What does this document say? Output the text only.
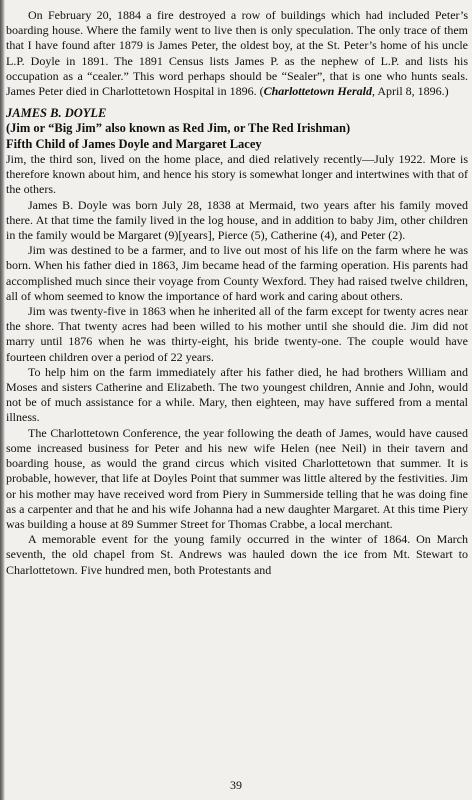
On February 20, 1884 a fire destroyed a row of buildings which had included Peter’s boarding house. Where the family went to live then is only speculation. The only trace of them that I have found after 1879 is James Peter, the oldest boy, at the St. Peter’s home of his uncle L.P. Doyle in 1891. The 1891 Census lists James P. as the nephew of L.P. and lists his occupation as a “cealer.” This word perhaps should be “Sealer”, that is one who hunts seals. James Peter died in Charlottetown Hospital in 1896. (Charlottetown Herald, April 8, 1896.)

JAMES B. DOYLE

(Jim or “Big Jim” also known as Red Jim, or The Red Irishman)

Fifth Child of James Doyle and Margaret Lacey

Jim, the third son, lived on the home place, and died relatively recently—July 1922. More is therefore known about him, and hence his story is somewhat longer and intertwines with that of the others.

James B. Doyle was born July 28, 1838 at Mermaid, two years after his family moved there. At that time the family lived in the log house, and in addition to baby Jim, other children in the family would be Margaret (9)[years], Pierce (5), Catherine (4), and Peter (2).

Jim was destined to be a farmer, and to live out most of his life on the farm where he was born. When his father died in 1863, Jim became head of the farming operation. His parents had accomplished much since their voyage from County Wexford. They had raised twelve children, all of whom seemed to know the importance of hard work and caring about others.

Jim was twenty-five in 1863 when he inherited all of the farm except for twenty acres near the shore. That twenty acres had been willed to his mother until she should die. Jim did not marry until 1876 when he was thirty-eight, his bride twenty-one. The couple would have fourteen children over a period of 22 years.

To help him on the farm immediately after his father died, he had brothers William and Moses and sisters Catherine and Elizabeth. The two youngest children, Annie and John, would not be of much assistance for a while. Mary, then eighteen, may have suffered from a mental illness.

The Charlottetown Conference, the year following the death of James, would have caused some increased business for Peter and his new wife Helen (nee Neil) in their tavern and boarding house, as would the grand circus which visited Charlottetown that summer. It is probable, however, that life at Doyles Point that summer was little altered by the festivities. Jim or his mother may have received word from Piery in Summerside telling that he was doing fine as a carpenter and that he and his wife Johanna had a new daughter Margaret. At this time Piery was building a house at 89 Summer Street for Thomas Crabbe, a local merchant.

A memorable event for the young family occurred in the winter of 1864. On March seventh, the old chapel from St. Andrews was hauled down the ice from Mt. Stewart to Charlottetown. Five hundred men, both Protestants and

39
